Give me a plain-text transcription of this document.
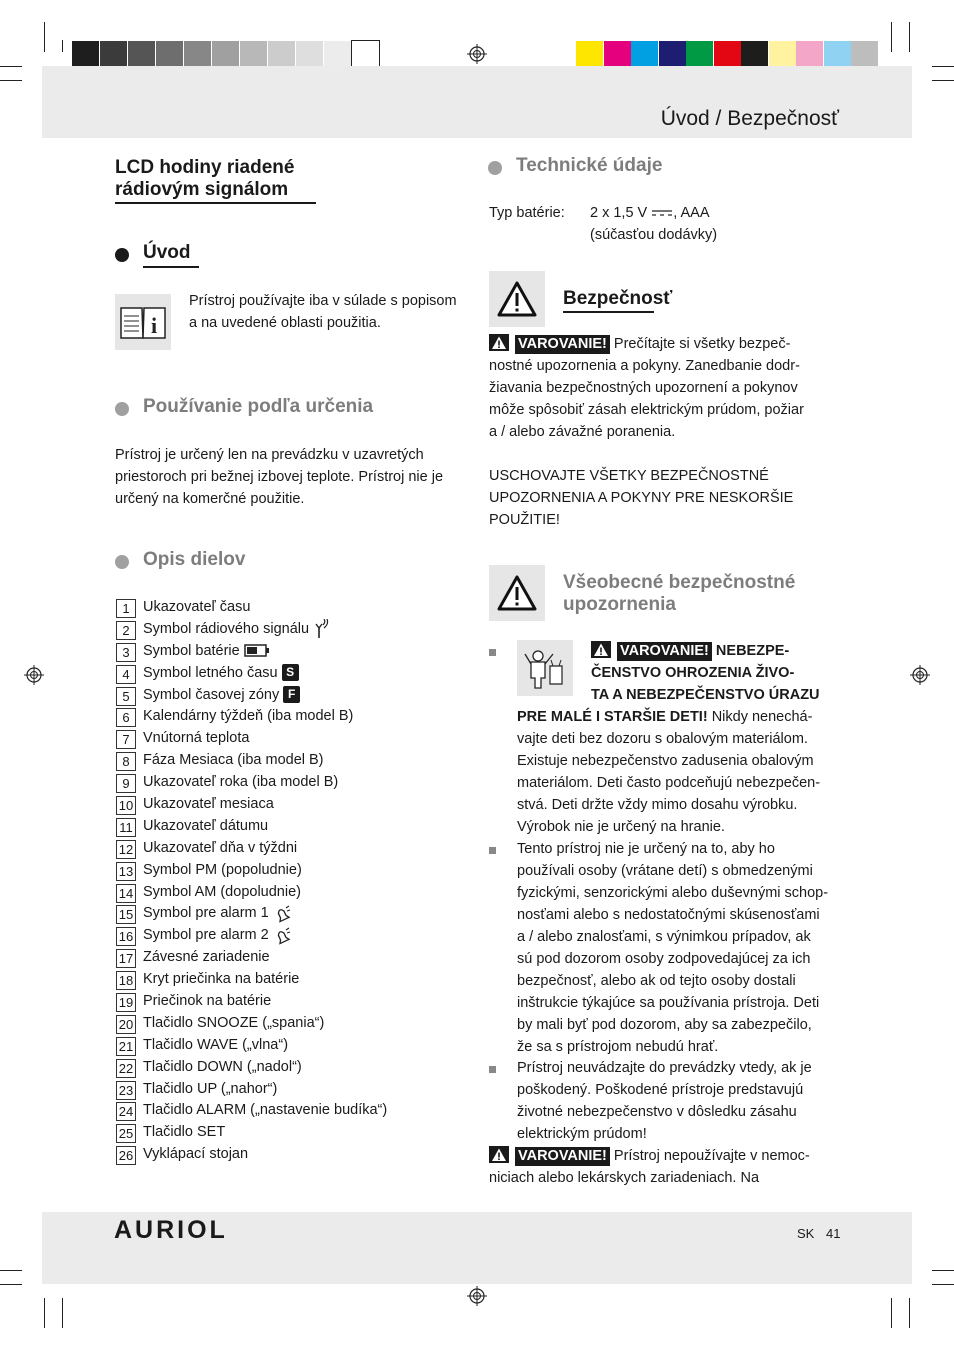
Úvod / Bezpečnosť
LCD hodiny riadené
rádiovým signálom
Úvod
i
Prístroj používajte iba v súlade s popisom
a na uvedené oblasti použitia.
Používanie podľa určenia
Prístroj je určený len na prevádzku v uzavretých
priestoroch pri bežnej izbovej teplote. Prístroj nie je
určený na komerčné použitie.
Opis dielov
1 Ukazovateľ času
2 Symbol rádiového signálu
3 Symbol batérie
4 Symbol letného času S
5 Symbol časovej zóny F
6 Kalendárny týždeň (iba model B)
7 Vnútorná teplota
8 Fáza Mesiaca (iba model B)
9 Ukazovateľ roka (iba model B)
10 Ukazovateľ mesiaca
11 Ukazovateľ dátumu
12 Ukazovateľ dňa v týždni
13 Symbol PM (popoludnie)
14 Symbol AM (dopoludnie)
15 Symbol pre alarm 1
16 Symbol pre alarm 2
17 Závesné zariadenie
18 Kryt priečinka na batérie
19 Priečinok na batérie
20 Tlačidlo SNOOZE („spania“)
21 Tlačidlo WAVE („vlna“)
22 Tlačidlo DOWN („nadol“)
23 Tlačidlo UP („nahor“)
24 Tlačidlo ALARM („nastavenie budíka“)
25 Tlačidlo SET
26 Vyklápací stojan
Technické údaje
Typ batérie: 2 x 1,5 V , AAA
(súčasťou dodávky)
Bezpečnosť
VAROVANIE! Prečítajte si všetky bezpeč-
nostné upozornenia a pokyny. Zanedbanie dodr-
žiavania bezpečnostných upozornení a pokynov
môže spôsobiť zásah elektrickým prúdom, požiar
a / alebo závažné poranenia.
USCHOVAJTE VŠETKY BEZPEČNOSTNÉ
UPOZORNENIA A POKYNY PRE NESKORŠIE
POUŽITIE!
Všeobecné bezpečnostné
upozornenia
VAROVANIE! NEBEZPE-
ČENSTVO OHROZENIA ŽIVO-
TA A NEBEZPEČENSTVO ÚRAZU
PRE MALÉ I STARŠIE DETI! Nikdy nenechá-
vajte deti bez dozoru s obalovým materiálom.
Existuje nebezpečenstvo zadusenia obalovým
materiálom. Deti často podceňujú nebezpečen-
stvá. Deti držte vždy mimo dosahu výrobku.
Výrobok nie je určený na hranie.
Tento prístroj nie je určený na to, aby ho
používali osoby (vrátane detí) s obmedzenými
fyzickými, senzorickými alebo duševnými schop-
nosťami alebo s nedostatočnými skúsenosťami
a / alebo znalosťami, s výnimkou prípadov, ak
sú pod dozorom osoby zodpovedajúcej za ich
bezpečnosť, alebo ak od tejto osoby dostali
inštrukcie týkajúce sa používania prístroja. Deti
by mali byť pod dozorom, aby sa zabezpečilo,
že sa s prístrojom nebudú hrať.
Prístroj neuvádzajte do prevádzky vtedy, ak je
poškodený. Poškodené prístroje predstavujú
životné nebezpečenstvo v dôsledku zásahu
elektrickým prúdom!
VAROVANIE! Prístroj nepoužívajte v nemoc-
niciach alebo lekárskych zariadeniach. Na
AURIOL	SK 41
